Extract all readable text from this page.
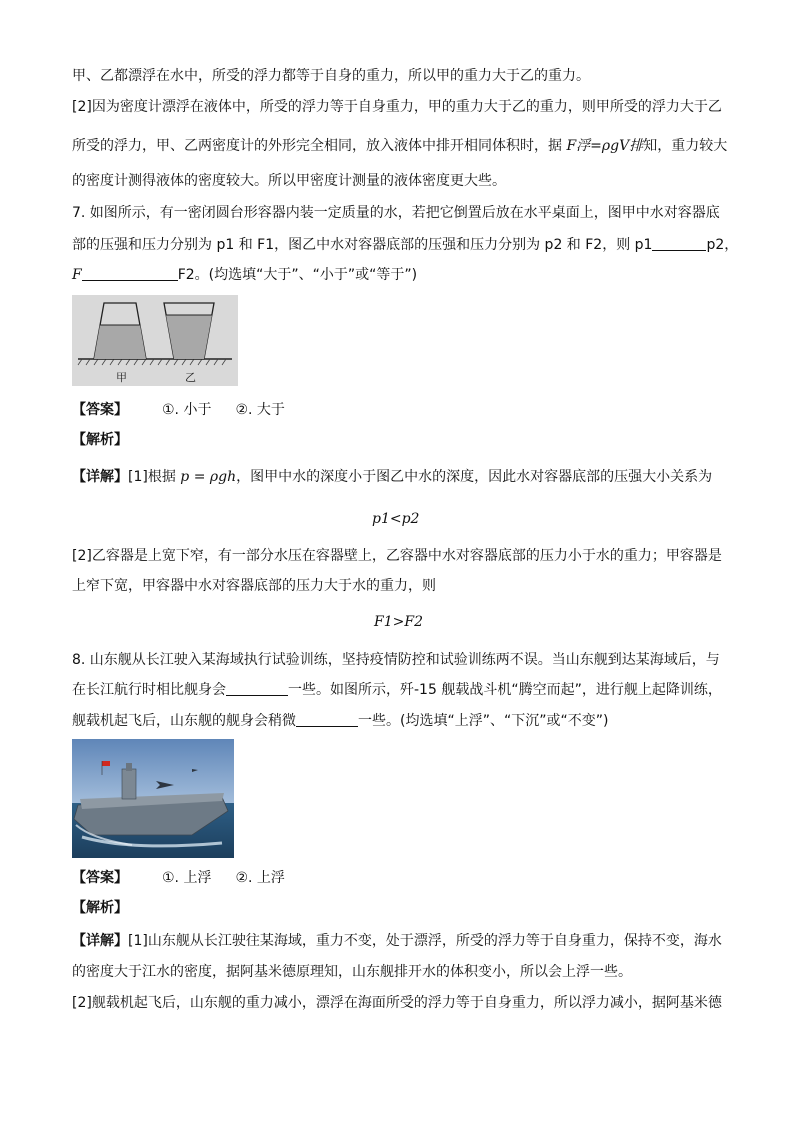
甲、乙都漂浮在水中，所受的浮力都等于自身的重力，所以甲的重力大于乙的重力。
[2]因为密度计漂浮在液体中，所受的浮力等于自身重力，甲的重力大于乙的重力，则甲所受的浮力大于乙
所受的浮力，甲、乙两密度计的外形完全相同，放入液体中排开相同体积时，据 F浮=ρgV排知，重力较大
的密度计测得液体的密度较大。所以甲密度计测量的液体密度更大些。
7. 如图所示，有一密闭圆台形容器内装一定质量的水，若把它倒置后放在水平桌面上，图甲中水对容器底
部的压强和压力分别为 p1 和 F1，图乙中水对容器底部的压强和压力分别为 p2 和 F2，则 p1	p2，
F	F2。(均选填“大于”、“小于”或“等于”)
甲	乙
【答案】 ①. 小于 ②. 大于
【解析】
【详解】[1]根据 p = ρgh，图甲中水的深度小于图乙中水的深度，因此水对容器底部的压强大小关系为
p1<p2
[2]乙容器是上宽下窄，有一部分水压在容器壁上，乙容器中水对容器底部的压力小于水的重力；甲容器是
上窄下宽，甲容器中水对容器底部的压力大于水的重力，则
F1>F2
8. 山东舰从长江驶入某海域执行试验训练，坚持疫情防控和试验训练两不误。当山东舰到达某海域后，与
在长江航行时相比舰身会	一些。如图所示，歼-15 舰载战斗机“腾空而起”，进行舰上起降训练，
舰载机起飞后，山东舰的舰身会稍微	一些。(均选填“上浮”、“下沉”或“不变”)
【答案】 ①. 上浮 ②. 上浮
【解析】
【详解】[1]山东舰从长江驶往某海域，重力不变，处于漂浮，所受的浮力等于自身重力，保持不变，海水
的密度大于江水的密度，据阿基米德原理知，山东舰排开水的体积变小，所以会上浮一些。
[2]舰载机起飞后，山东舰的重力减小，漂浮在海面所受的浮力等于自身重力，所以浮力减小，据阿基米德
